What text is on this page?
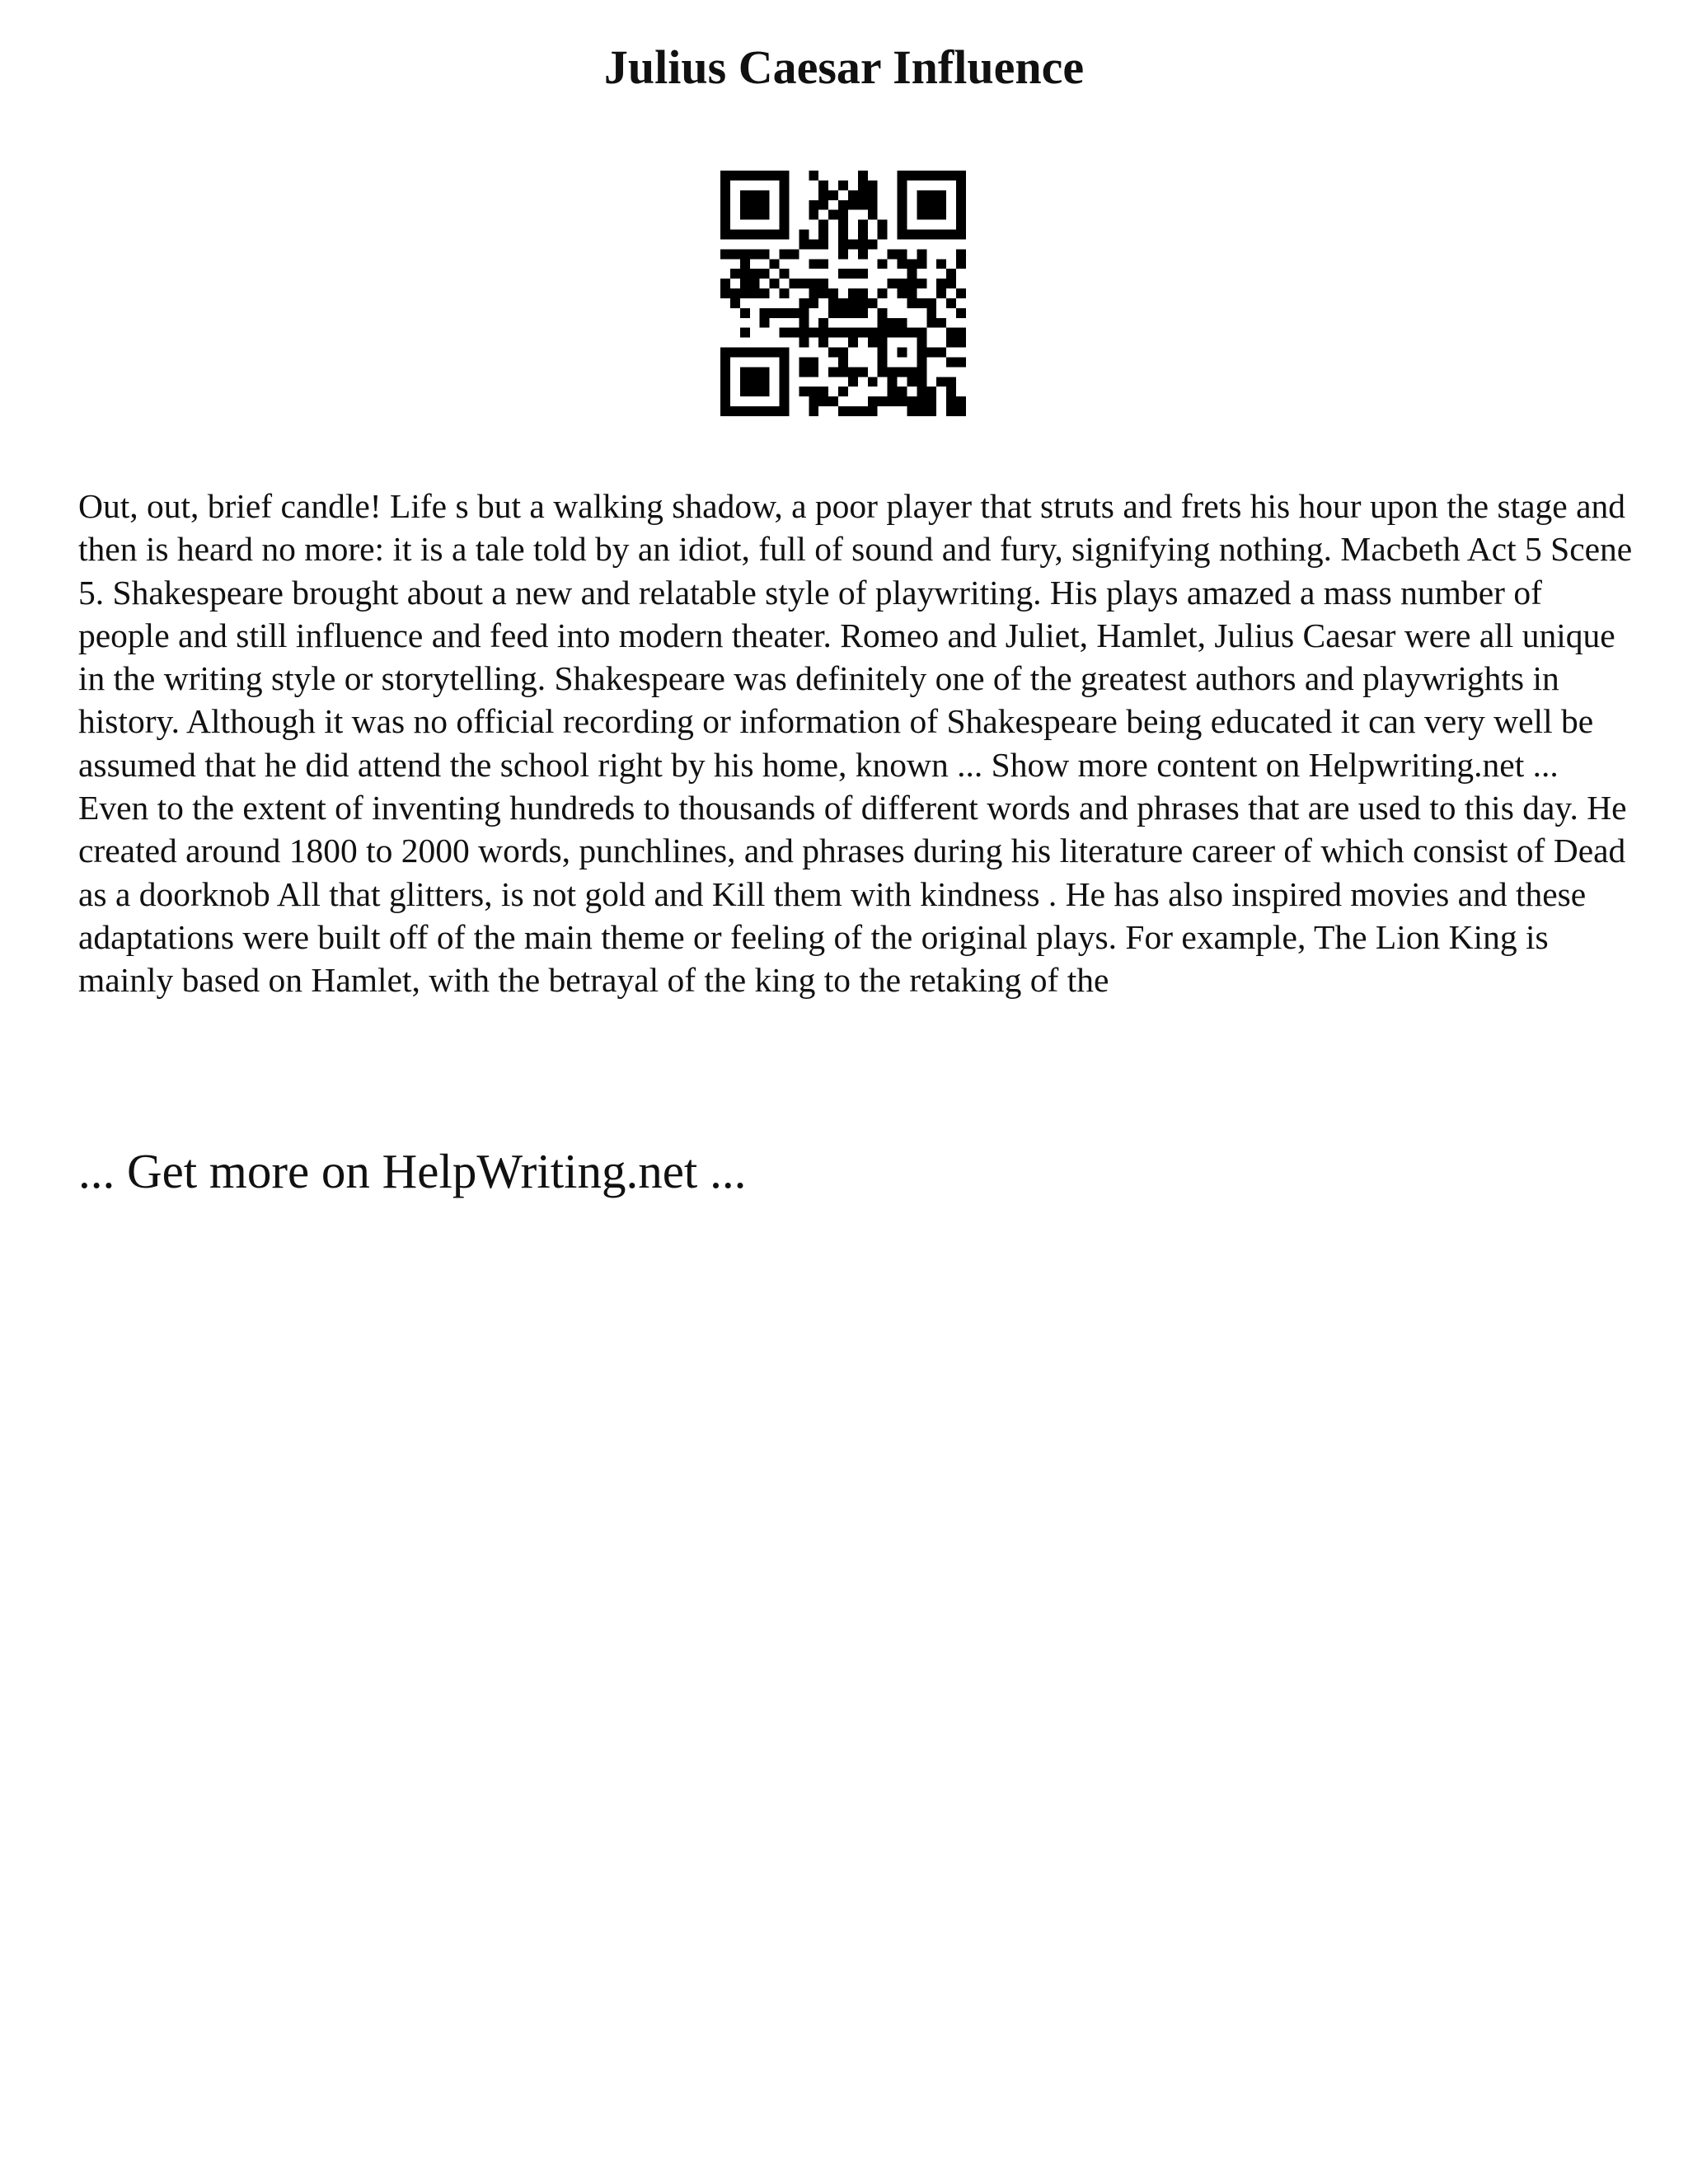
Julius Caesar Influence

Out, out, brief candle! Life s but a walking shadow, a poor player that struts and frets his hour upon the stage and then is heard no more: it is a tale told by an idiot, full of sound and fury, signifying nothing. Macbeth Act 5 Scene 5. Shakespeare brought about a new and relatable style of playwriting. His plays amazed a mass number of people and still influence and feed into modern theater. Romeo and Juliet, Hamlet, Julius Caesar were all unique in the writing style or storytelling. Shakespeare was definitely one of the greatest authors and playwrights in history. Although it was no official recording or information of Shakespeare being educated it can very well be assumed that he did attend the school right by his home, known ... Show more content on Helpwriting.net ...

Even to the extent of inventing hundreds to thousands of different words and phrases that are used to this day. He created around 1800 to 2000 words, punchlines, and phrases during his literature career of which consist of Dead as a doorknob All that glitters, is not gold and Kill them with kindness . He has also inspired movies and these adaptations were built off of the main theme or feeling of the original plays. For example, The Lion King is mainly based on Hamlet, with the betrayal of the king to the retaking of the

... Get more on HelpWriting.net ...
